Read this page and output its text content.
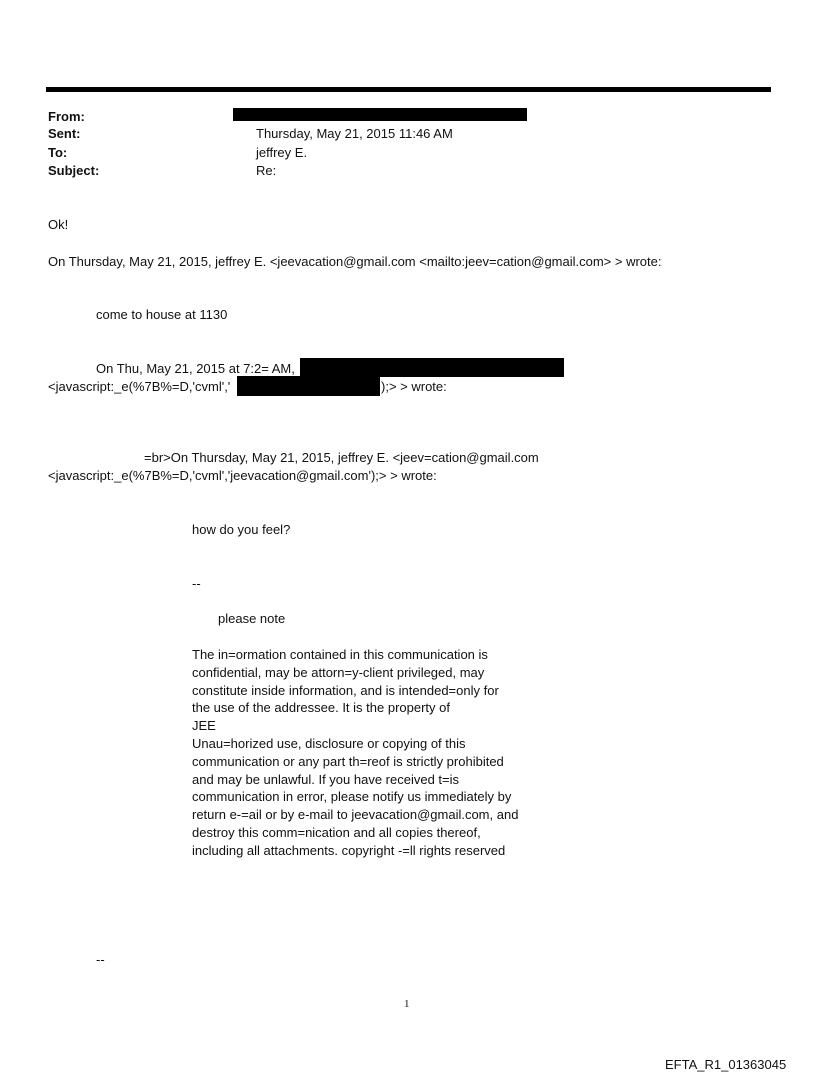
From:
Sent:	Thursday, May 21, 2015 11:46 AM
To:	jeffrey E.
Subject:	Re:
Ok!
On Thursday, May 21, 2015, jeffrey E. <jeevacation@gmail.com <mailto:jeev=cation@gmail.com> > wrote:
come to house at 1130
On Thu, May 21, 2015 at 7:2= AM,
<javascript:_e(%7B%=D,'cvml','	);> > wrote:
=br>On Thursday, May 21, 2015, jeffrey E. <jeev=cation@gmail.com
<javascript:_e(%7B%=D,'cvml','jeevacation@gmail.com');> > wrote:
how do you feel?
--
please note
The in=ormation contained in this communication is
confidential, may be attorn=y-client privileged, may
constitute inside information, and is intended=only for
the use of the addressee. It is the property of
JEE
Unau=horized use, disclosure or copying of this
communication or any part th=reof is strictly prohibited
and may be unlawful. If you have received t=is
communication in error, please notify us immediately by
return e-=ail or by e-mail to jeevacation@gmail.com, and
destroy this comm=nication and all copies thereof,
including all attachments. copyright -=ll rights reserved
--
1
EFTA_R1_01363045
